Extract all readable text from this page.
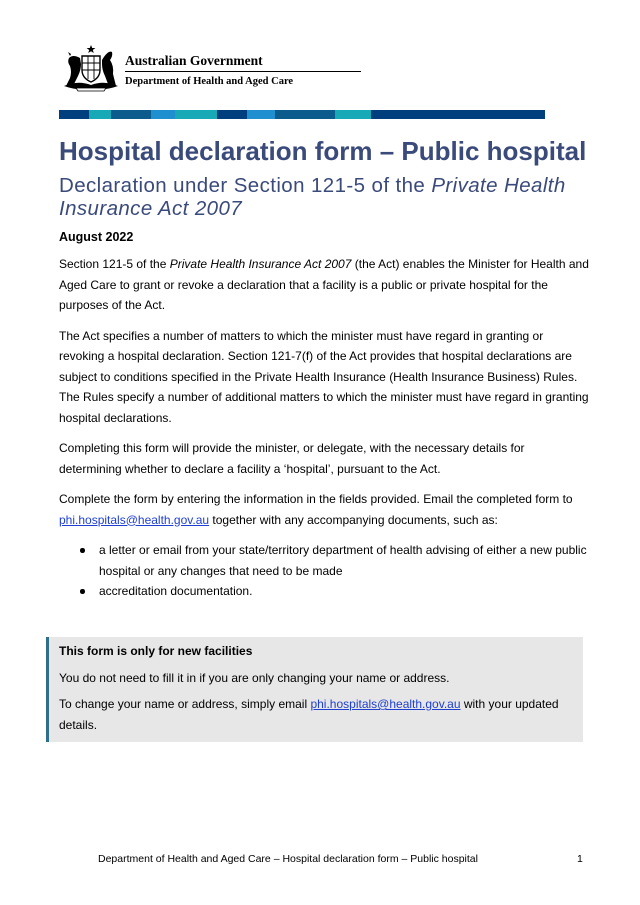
Australian Government
Department of Health and Aged Care
Hospital declaration form – Public hospital
Declaration under Section 121-5 of the Private Health Insurance Act 2007
August 2022

Section 121-5 of the Private Health Insurance Act 2007 (the Act) enables the Minister for Health and Aged Care to grant or revoke a declaration that a facility is a public or private hospital for the purposes of the Act.

The Act specifies a number of matters to which the minister must have regard in granting or revoking a hospital declaration. Section 121-7(f) of the Act provides that hospital declarations are subject to conditions specified in the Private Health Insurance (Health Insurance Business) Rules. The Rules specify a number of additional matters to which the minister must have regard in granting hospital declarations.

Completing this form will provide the minister, or delegate, with the necessary details for determining whether to declare a facility a ‘hospital’, pursuant to the Act.

Complete the form by entering the information in the fields provided. Email the completed form to phi.hospitals@health.gov.au together with any accompanying documents, such as:

a letter or email from your state/territory department of health advising of either a new public hospital or any changes that need to be made
accreditation documentation.

This form is only for new facilities

You do not need to fill it in if you are only changing your name or address.

To change your name or address, simply email phi.hospitals@health.gov.au with your updated details.

Department of Health and Aged Care – Hospital declaration form – Public hospital	1
